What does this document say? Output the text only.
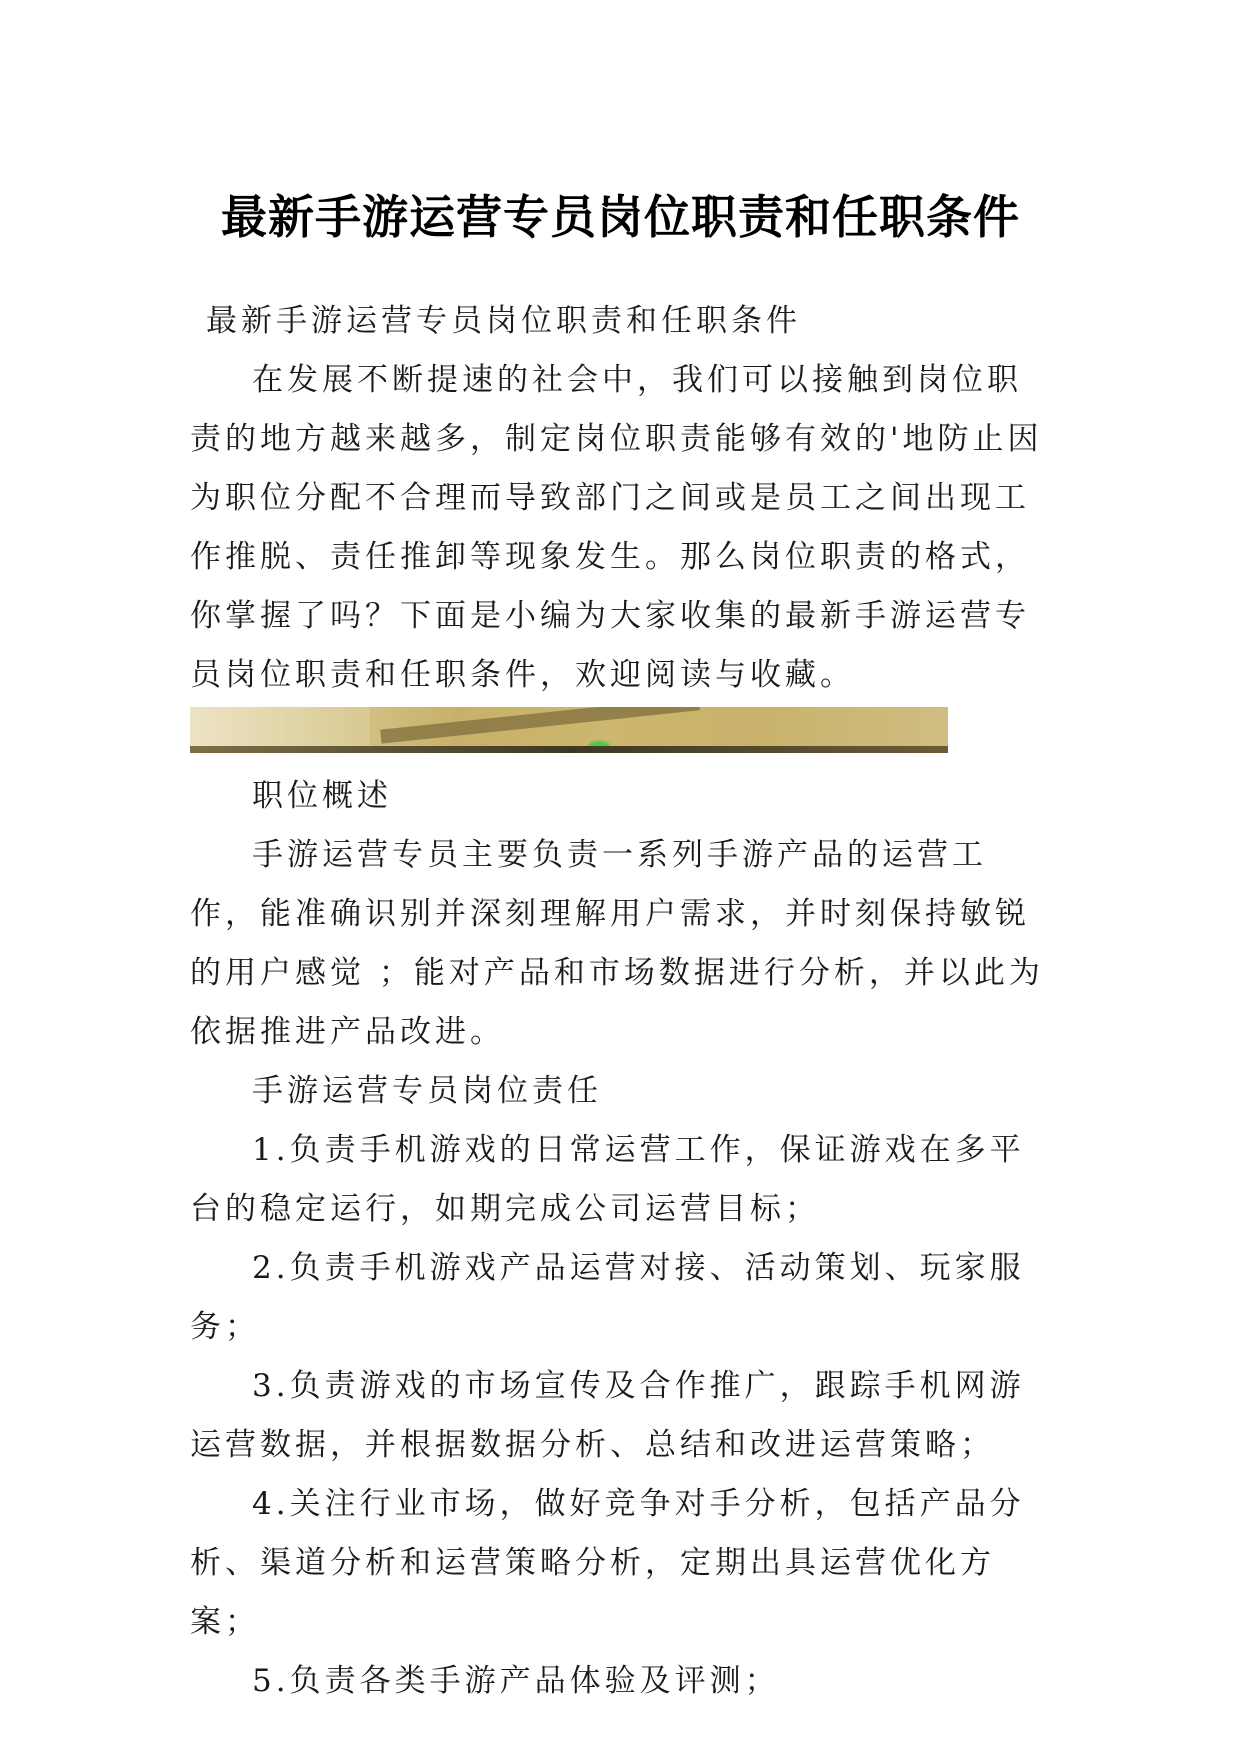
最新手游运营专员岗位职责和任职条件

最新手游运营专员岗位职责和任职条件

在发展不断提速的社会中，我们可以接触到岗位职责的地方越来越多，制定岗位职责能够有效的'地防止因为职位分配不合理而导致部门之间或是员工之间出现工作推脱、责任推卸等现象发生。那么岗位职责的格式，你掌握了吗？下面是小编为大家收集的最新手游运营专员岗位职责和任职条件，欢迎阅读与收藏。

职位概述

手游运营专员主要负责一系列手游产品的运营工作，能准确识别并深刻理解用户需求，并时刻保持敏锐的用户感觉 ；能对产品和市场数据进行分析，并以此为依据推进产品改进。

手游运营专员岗位责任

1.负责手机游戏的日常运营工作，保证游戏在多平台的稳定运行，如期完成公司运营目标；

2.负责手机游戏产品运营对接、活动策划、玩家服务；

3.负责游戏的市场宣传及合作推广，跟踪手机网游运营数据，并根据数据分析、总结和改进运营策略；

4.关注行业市场，做好竞争对手分析，包括产品分析、渠道分析和运营策略分析，定期出具运营优化方案；

5.负责各类手游产品体验及评测；
